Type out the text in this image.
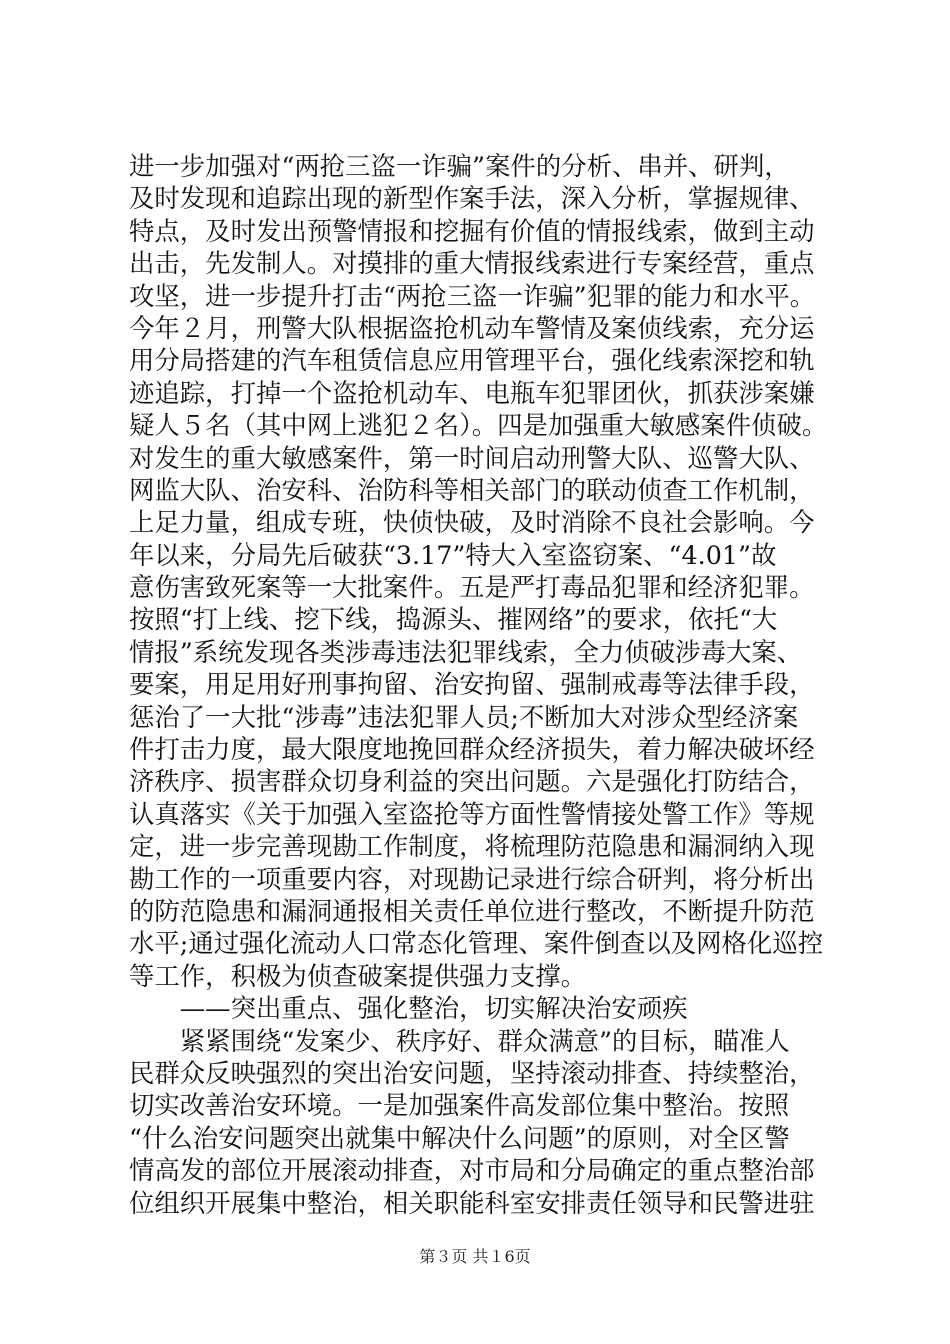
进一步加强对“两抢三盗一诈骗”案件的分析、串并、研判，
及时发现和追踪出现的新型作案手法，深入分析，掌握规律、
特点，及时发出预警情报和挖掘有价值的情报线索，做到主动
出击，先发制人。对摸排的重大情报线索进行专案经营，重点
攻坚，进一步提升打击“两抢三盗一诈骗”犯罪的能力和水平。
今年２月，刑警大队根据盗抢机动车警情及案侦线索，充分运
用分局搭建的汽车租赁信息应用管理平台，强化线索深挖和轨
迹追踪，打掉一个盗抢机动车、电瓶车犯罪团伙，抓获涉案嫌
疑人５名（其中网上逃犯２名）。四是加强重大敏感案件侦破。
对发生的重大敏感案件，第一时间启动刑警大队、巡警大队、
网监大队、治安科、治防科等相关部门的联动侦查工作机制，
上足力量，组成专班，快侦快破，及时消除不良社会影响。今
年以来，分局先后破获“3.17”特大入室盗窃案、“4.01”故
意伤害致死案等一大批案件。五是严打毒品犯罪和经济犯罪。
按照“打上线、挖下线，捣源头、摧网络”的要求，依托“大
情报”系统发现各类涉毒违法犯罪线索，全力侦破涉毒大案、
要案，用足用好刑事拘留、治安拘留、强制戒毒等法律手段，
惩治了一大批“涉毒”违法犯罪人员;不断加大对涉众型经济案
件打击力度，最大限度地挽回群众经济损失，着力解决破坏经
济秩序、损害群众切身利益的突出问题。六是强化打防结合，
认真落实《关于加强入室盗抢等方面性警情接处警工作》等规
定，进一步完善现勘工作制度，将梳理防范隐患和漏洞纳入现
勘工作的一项重要内容，对现勘记录进行综合研判，将分析出
的防范隐患和漏洞通报相关责任单位进行整改，不断提升防范
水平;通过强化流动人口常态化管理、案件倒查以及网格化巡控
等工作，积极为侦查破案提供强力支撑。
　　——突出重点、强化整治，切实解决治安顽疾
　　紧紧围绕“发案少、秩序好、群众满意”的目标，瞄准人
民群众反映强烈的突出治安问题，坚持滚动排查、持续整治，
切实改善治安环境。一是加强案件高发部位集中整治。按照
“什么治安问题突出就集中解决什么问题”的原则，对全区警
情高发的部位开展滚动排查，对市局和分局确定的重点整治部
位组织开展集中整治，相关职能科室安排责任领导和民警进驻
第３页 共１6页
